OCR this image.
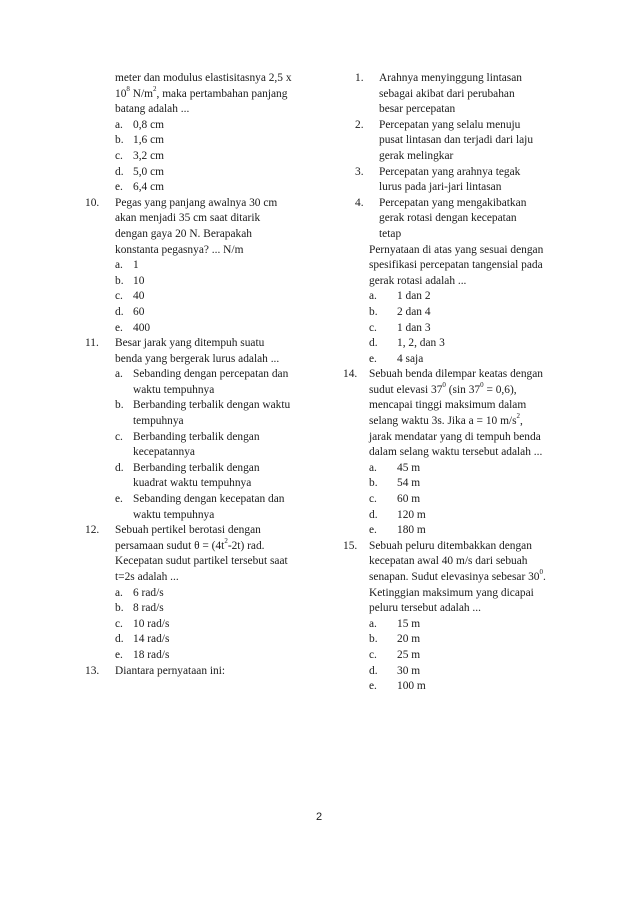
meter dan modulus elastisitasnya 2,5 x
$10^8$ $N/m^2$, maka pertambahan panjang
batang adalah ...
a. 0,8 cm
b. 1,6 cm
c. 3,2 cm
d. 5,0 cm
e. 6,4 cm
10. Pegas yang panjang awalnya 30 cm
akan menjadi 35 cm saat ditarik
dengan gaya 20 N. Berapakah
konstanta pegasnya? ... N/m
a. 1
b. 10
c. 40
d. 60
e. 400
11. Besar jarak yang ditempuh suatu
benda yang bergerak lurus adalah ...
a. Sebanding dengan percepatan dan
waktu tempuhnya
b. Berbanding terbalik dengan waktu
tempuhnya
c. Berbanding terbalik dengan
kecepatannya
d. Berbanding terbalik dengan
kuadrat waktu tempuhnya
e. Sebanding dengan kecepatan dan
waktu tempuhnya
12. Sebuah pertikel berotasi dengan
persamaan sudut $\theta = (4t^2-2t)$ rad.
Kecepatan sudut partikel tersebut saat
t=2s adalah ...
a. 6 rad/s
b. 8 rad/s
c. 10 rad/s
d. 14 rad/s
e. 18 rad/s
13. Diantara pernyataan ini:
1. Arahnya menyinggung lintasan
sebagai akibat dari perubahan
besar percepatan
2. Percepatan yang selalu menuju
pusat lintasan dan terjadi dari laju
gerak melingkar
3. Percepatan yang arahnya tegak
lurus pada jari-jari lintasan
4. Percepatan yang mengakibatkan
gerak rotasi dengan kecepatan
tetap
Pernyataan di atas yang sesuai dengan
spesifikasi percepatan tangensial pada
gerak rotasi adalah ...
a. 1 dan 2
b. 2 dan 4
c. 1 dan 3
d. 1, 2, dan 3
e. 4 saja
14. Sebuah benda dilempar keatas dengan
sudut elevasi $37^0$ (sin $37^0 = 0,6$),
mencapai tinggi maksimum dalam
selang waktu 3s. Jika a = 10 $m/s^2$,
jarak mendatar yang di tempuh benda
dalam selang waktu tersebut adalah ...
a. 45 m
b. 54 m
c. 60 m
d. 120 m
e. 180 m
15. Sebuah peluru ditembakkan dengan
kecepatan awal 40 m/s dari sebuah
senapan. Sudut elevasinya sebesar $30^0$.
Ketinggian maksimum yang dicapai
peluru tersebut adalah ...
a. 15 m
b. 20 m
c. 25 m
d. 30 m
e. 100 m
2
